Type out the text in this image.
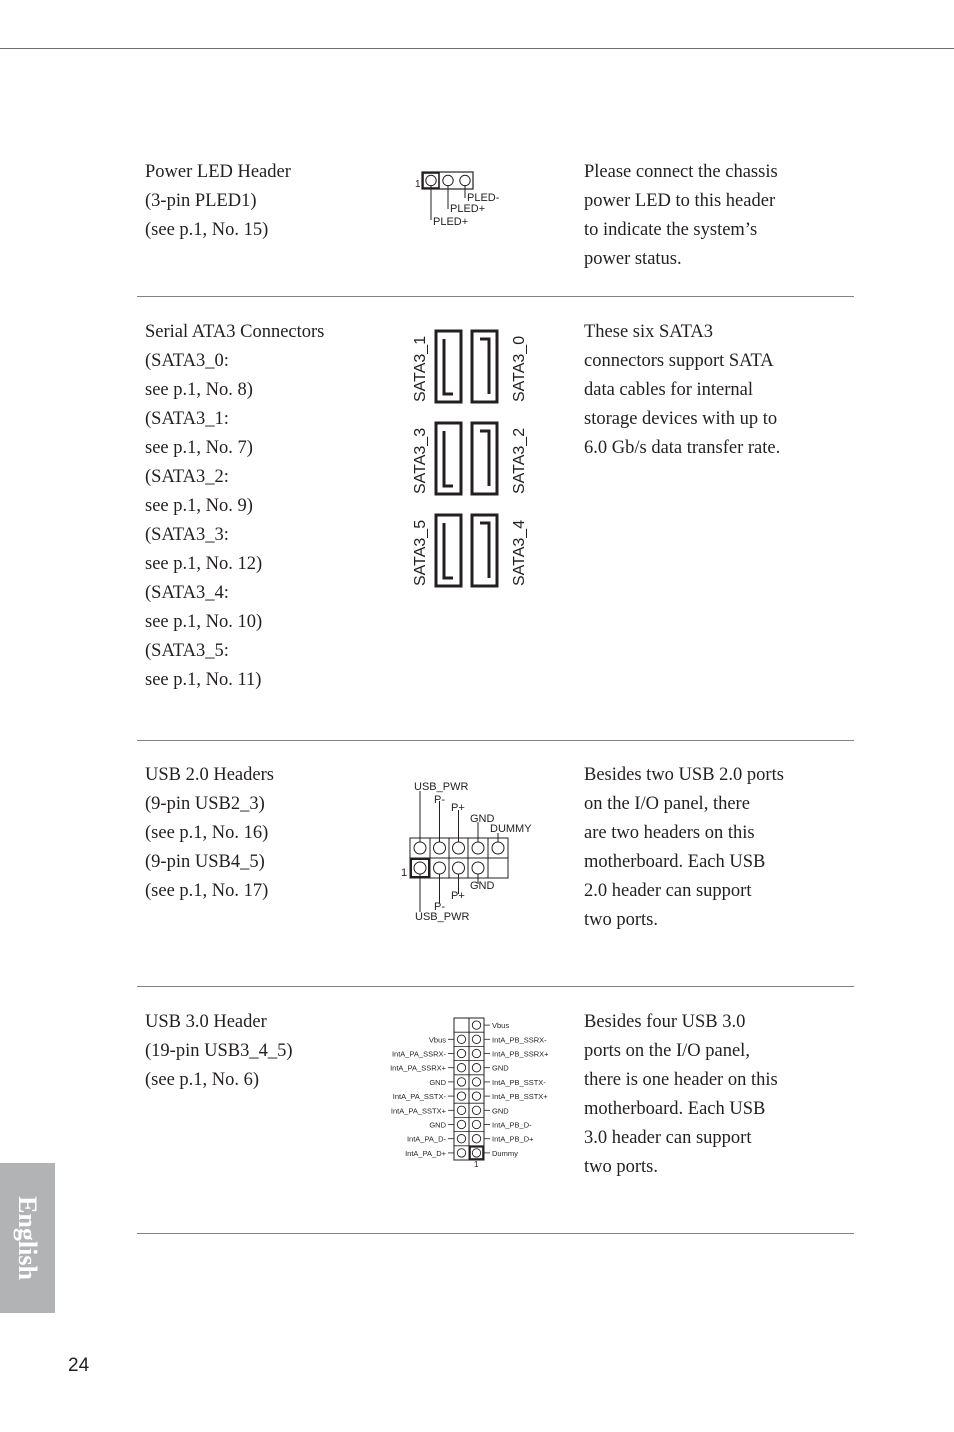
Power LED Header
(3-pin PLED1)
(see p.1, No. 15)
1
PLED-
PLED+
PLED+
Please connect the chassis
power LED to this header
to indicate the system’s
power status.
Serial ATA3 Connectors
(SATA3_0:
see p.1, No. 8)
(SATA3_1:
see p.1, No. 7)
(SATA3_2:
see p.1, No. 9)
(SATA3_3:
see p.1, No. 12)
(SATA3_4:
see p.1, No. 10)
(SATA3_5:
see p.1, No. 11)
SATA3_1	SATA3_0
SATA3_3	SATA3_2
SATA3_5	SATA3_4
These six SATA3
connectors support SATA
data cables for internal
storage devices with up to
6.0 Gb/s data transfer rate.
USB 2.0 Headers
(9-pin USB2_3)
(see p.1, No. 16)
(9-pin USB4_5)
(see p.1, No. 17)
USB_PWR
P-
P+
GND
DUMMY
GND
P+
P-
USB_PWR
1
Besides two USB 2.0 ports
on the I/O panel, there
are two headers on this
motherboard. Each USB
2.0 header can support
two ports.
USB 3.0 Header
(19-pin USB3_4_5)
(see p.1, No. 6)
Vbus
IntA_PA_SSRX-
IntA_PA_SSRX+
GND
IntA_PA_SSTX-
IntA_PA_SSTX+
GND
IntA_PA_D-
IntA_PA_D+
Vbus
IntA_PB_SSRX-
IntA_PB_SSRX+
GND
IntA_PB_SSTX-
IntA_PB_SSTX+
GND
IntA_PB_D-
IntA_PB_D+
Dummy
1
Besides four USB 3.0
ports on the I/O panel,
there is one header on this
motherboard. Each USB
3.0 header can support
two ports.
English
24
